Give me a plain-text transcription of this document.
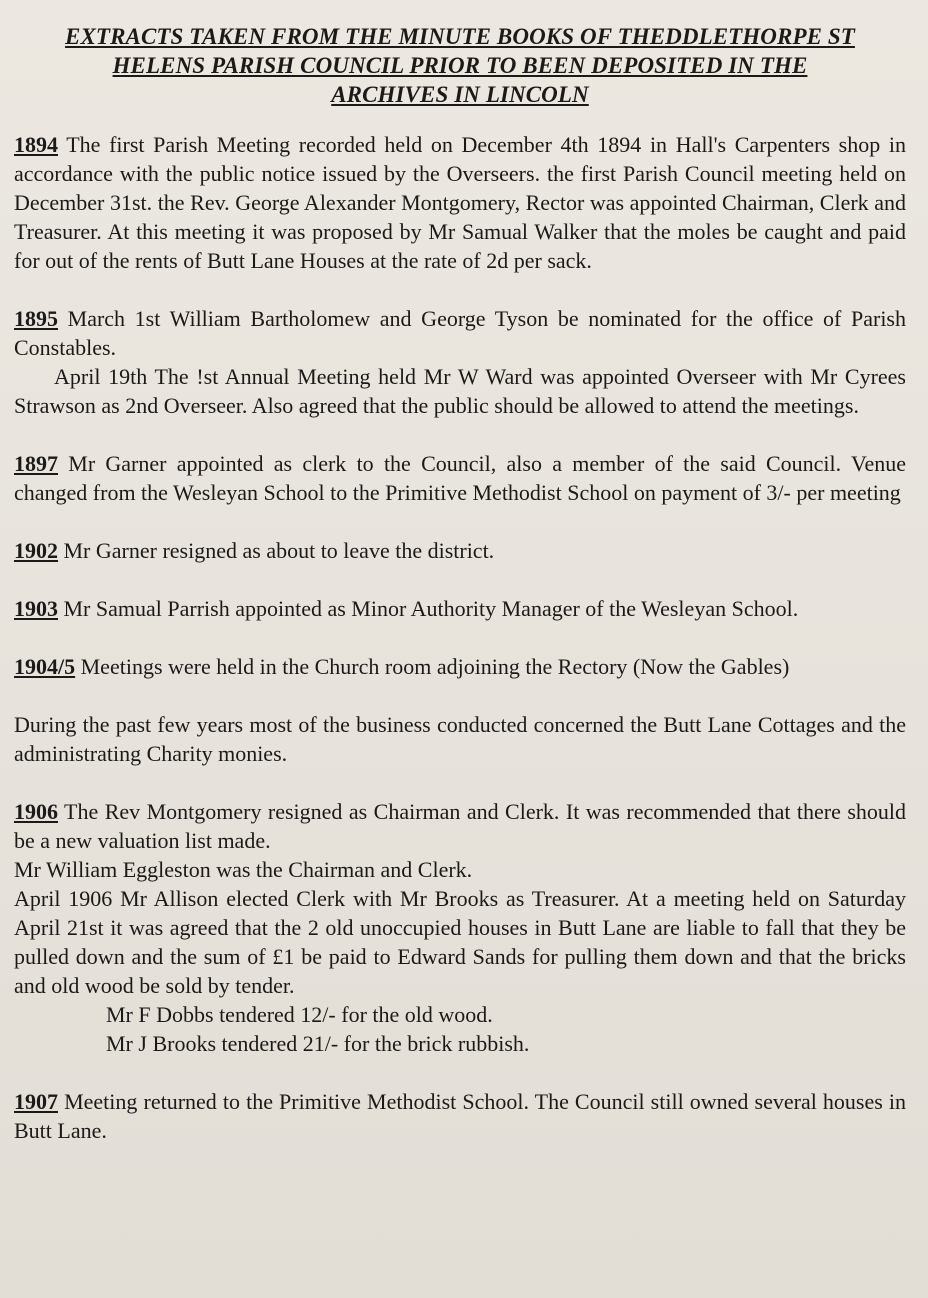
EXTRACTS TAKEN FROM THE MINUTE BOOKS OF THEDDLETHORPE ST
HELENS PARISH COUNCIL PRIOR TO BEEN DEPOSITED IN THE
ARCHIVES IN LINCOLN

1894 The first Parish Meeting recorded held on December 4th 1894 in Hall's Carpenters shop in accordance with the public notice issued by the Overseers. the first Parish Council meeting held on December 31st. the Rev. George Alexander Montgomery, Rector was appointed Chairman, Clerk and Treasurer. At this meeting it was proposed by Mr Samual Walker that the moles be caught and paid for out of the rents of Butt Lane Houses at the rate of 2d per sack.

1895 March 1st William Bartholomew and George Tyson be nominated for the office of Parish Constables.

April 19th The !st Annual Meeting held Mr W Ward was appointed Overseer with Mr Cyrees Strawson as 2nd Overseer. Also agreed that the public should be allowed to attend the meetings.

1897 Mr Garner appointed as clerk to the Council, also a member of the said Council. Venue changed from the Wesleyan School to the Primitive Methodist School on payment of 3/- per meeting

1902 Mr Garner resigned as about to leave the district.

1903 Mr Samual Parrish appointed as Minor Authority Manager of the Wesleyan School.

1904/5 Meetings were held in the Church room adjoining the Rectory (Now the Gables)

During the past few years most of the business conducted concerned the Butt Lane Cottages and the administrating Charity monies.

1906 The Rev Montgomery resigned as Chairman and Clerk. It was recommended that there should be a new valuation list made.

Mr William Eggleston was the Chairman and Clerk.

April 1906 Mr Allison elected Clerk with Mr Brooks as Treasurer. At a meeting held on Saturday April 21st it was agreed that the 2 old unoccupied houses in Butt Lane are liable to fall that they be pulled down and the sum of £1 be paid to Edward Sands for pulling them down and that the bricks and old wood be sold by tender.

Mr F Dobbs tendered 12/- for the old wood.

Mr J Brooks tendered 21/- for the brick rubbish.

1907 Meeting returned to the Primitive Methodist School. The Council still owned several houses in Butt Lane.
